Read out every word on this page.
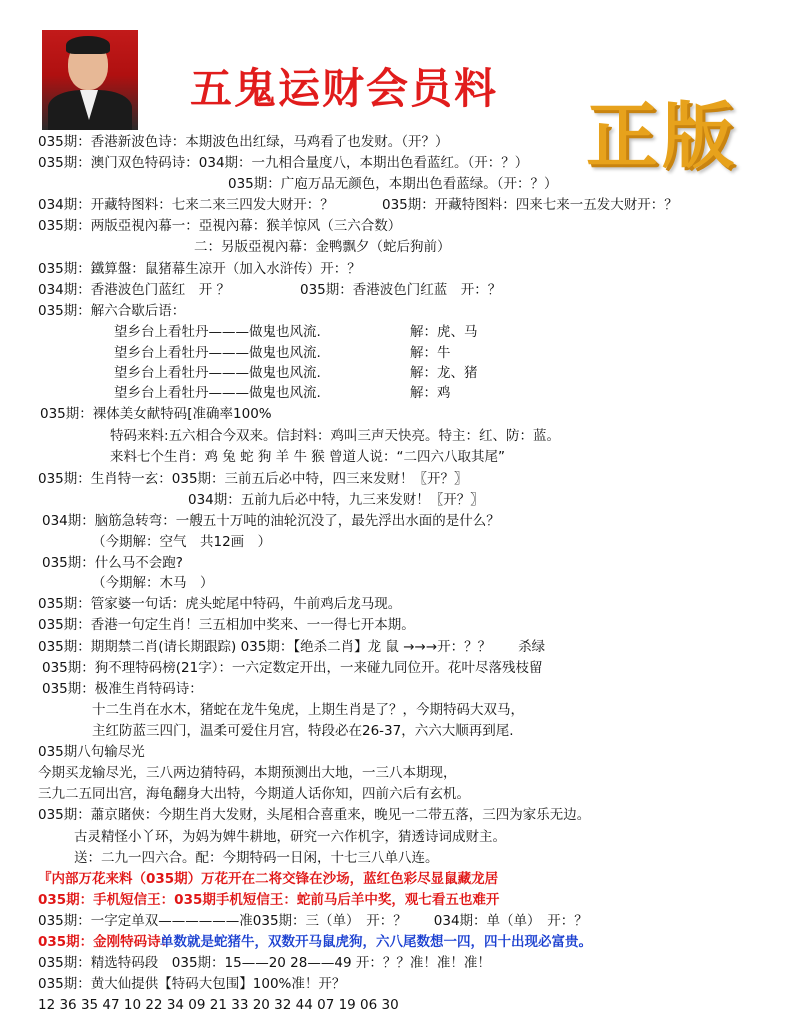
五鬼运财会员料
正版
035期：香港新波色诗：本期波色出红绿，马鸡看了也发财。（开？）
035期：澳门双色特码诗：034期：一九相合量度八，本期出色看蓝红。（开：？）
035期：广庖万品无颜色，本期出色看蓝绿。（开：？）
034期：开藏特图料：七来二来三四发大财开：？	035期：开藏特图料：四来七来一五发大财开：？
035期：两版亞視內幕一：亞視內幕：猴羊惊风（三六合数）
二：另版亞視內幕：金鸭飘夕（蛇后狗前）
035期：鐵算盤：鼠猪幕生凉开（加入水浒传）开：？
034期：香港波色门蓝红　开 ？	035期：香港波色门红蓝　开：？
035期：解六合歇后语：
望乡台上看牡丹———做鬼也风流.	解：虎、马
望乡台上看牡丹———做鬼也风流.	解：牛
望乡台上看牡丹———做鬼也风流.	解：龙、猪
望乡台上看牡丹———做鬼也风流.	解：鸡
035期：裸体美女献特码[准确率100%
特码来料:五六相合今双来。信封料：鸡叫三声天快亮。特主：红、防：蓝。
来料七个生肖：鸡 兔 蛇 狗 羊 牛 猴 曾道人说：“二四六八取其尾”
035期：生肖特一玄：035期：三前五后必中特，四三来发财！〖开？〗
034期：五前九后必中特，九三来发财！〖开？〗
034期：脑筋急转弯：一艘五十万吨的油轮沉没了，最先浮出水面的是什么？
（今期解：空气　共12画　）
035期：什么马不会跑?
（今期解：木马　）
035期：管家婆一句话：虎头蛇尾中特码，牛前鸡后龙马现。
035期：香港一句定生肖！三五相加中奖来、一一得七开本期。
035期：期期禁二肖(请长期跟踪) 035期：【绝杀二肖】龙 鼠 →→→开：？？　　杀绿
035期：狗不理特码榜(21字）：一六定数定开出，一来碰九同位开。花叶尽落残枝留
035期：极准生肖特码诗：
十二生肖在水木，猪蛇在龙牛兔虎，上期生肖是了？，今期特码大双马，
主红防蓝三四门，温柔可爱住月宫，特段必在26-37，六六大顺再到尾.
035期八句输尽光
今期买龙输尽光，三八两边猜特码，本期预测出大地，一三八本期现，
三九二五同出宫，海龟翻身大出特，今期道人话你知，四前六后有玄机。
035期：蕭京賭俠：今期生肖大发财，头尾相合喜重来，晚见一二带五落，三四为家乐无边。
古灵精怪小丫环，为妈为婢牛耕地，研究一六作机字，猜透诗词成财主。
送：二九一四六合。配：今期特码一日闲，十七三八单八连。
『内部万花来料（035期）万花开在二将交锋在沙场，蓝红色彩尽显鼠藏龙居
035期：手机短信王：035期手机短信王：蛇前马后羊中奖，观七看五也难开
035期：一字定单双——————准035期：三（单）　开：？　　034期：单（单）　开：？
035期：金刚特码诗：
单数就是蛇猪牛，双数开马鼠虎狗，六八尾数想一四，四十出现必富贵。
035期：精选特码段　035期：15——20 28——49 开：？？准！准！准！
035期：黄大仙提供【特码大包围】100%准！开？
12 36 35 47 10 22 34 09 21 33 20 32 44 07 19 06 30
